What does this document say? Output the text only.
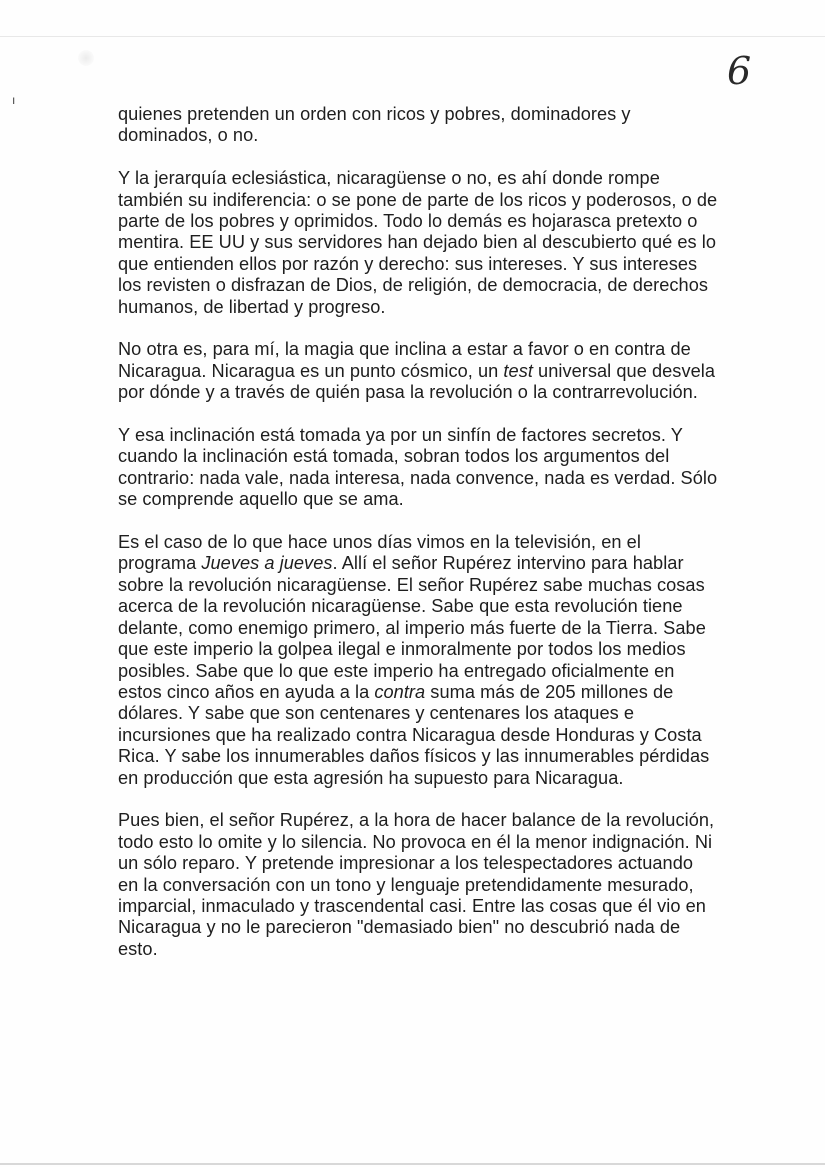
ı
6

quienes pretenden un orden con ricos y pobres, dominadores y dominados, o no.

Y la jerarquía eclesiástica, nicaragüense o no, es ahí donde rompe también su indiferencia: o se pone de parte de los ricos y poderosos, o de parte de los pobres y oprimidos. Todo lo demás es hojarasca pretexto o mentira. EE UU y sus servidores han dejado bien al descubierto qué es lo que entienden ellos por razón y derecho: sus intereses. Y sus intereses los revisten o disfrazan de Dios, de religión, de democracia, de derechos humanos, de libertad y progreso.

No otra es, para mí, la magia que inclina a estar a favor o en contra de Nicaragua. Nicaragua es un punto cósmico, un test universal que desvela por dónde y a través de quién pasa la revolución o la contrarrevolución.

Y esa inclinación está tomada ya por un sinfín de factores secretos. Y cuando la inclinación está tomada, sobran todos los argumentos del contrario: nada vale, nada interesa, nada convence, nada es verdad. Sólo se comprende aquello que se ama.

Es el caso de lo que hace unos días vimos en la televisión, en el programa Jueves a jueves. Allí el señor Rupérez intervino para hablar sobre la revolución nicaragüense. El señor Rupérez sabe muchas cosas acerca de la revolución nicaragüense. Sabe que esta revolución tiene delante, como enemigo primero, al imperio más fuerte de la Tierra. Sabe que este imperio la golpea ilegal e inmoralmente por todos los medios posibles. Sabe que lo que este imperio ha entregado oficialmente en estos cinco años en ayuda a la contra suma más de 205 millones de dólares. Y sabe que son centenares y centenares los ataques e incursiones que ha realizado contra Nicaragua desde Honduras y Costa Rica. Y sabe los innumerables daños físicos y las innumerables pérdidas en producción que esta agresión ha supuesto para Nicaragua.

Pues bien, el señor Rupérez, a la hora de hacer balance de la revolución, todo esto lo omite y lo silencia. No provoca en él la menor indignación. Ni un sólo reparo. Y pretende impresionar a los telespectadores actuando en la conversación con un tono y lenguaje pretendidamente mesurado, imparcial, inmaculado y trascendental casi. Entre las cosas que él vio en Nicaragua y no le parecieron "demasiado bien" no descubrió nada de esto.
